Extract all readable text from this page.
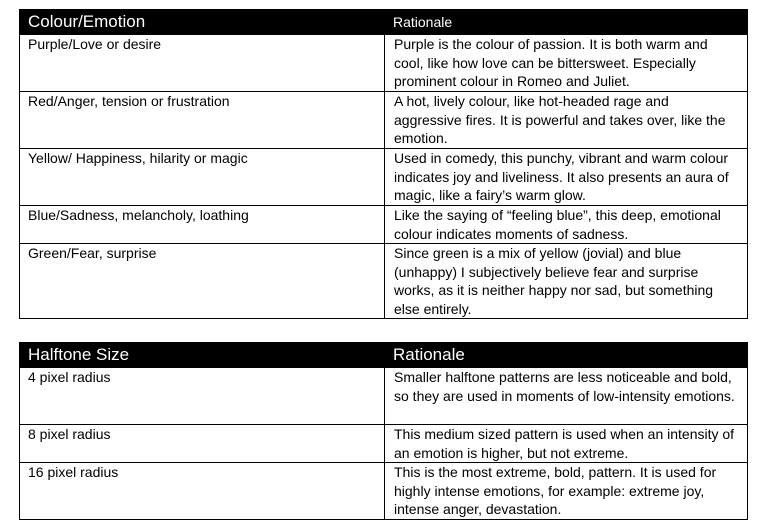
Colour/Emotion	Rationale
Purple/Love or desire	Purple is the colour of passion. It is both warm and cool, like how love can be bittersweet. Especially prominent colour in Romeo and Juliet.
Red/Anger, tension or frustration	A hot, lively colour, like hot-headed rage and aggressive fires. It is powerful and takes over, like the emotion.
Yellow/ Happiness, hilarity or magic	Used in comedy, this punchy, vibrant and warm colour indicates joy and liveliness. It also presents an aura of magic, like a fairy’s warm glow.
Blue/Sadness, melancholy, loathing	Like the saying of “feeling blue”, this deep, emotional colour indicates moments of sadness.
Green/Fear, surprise	Since green is a mix of yellow (jovial) and blue (unhappy) I subjectively believe fear and surprise works, as it is neither happy nor sad, but something else entirely.
Halftone Size	Rationale
4 pixel radius	Smaller halftone patterns are less noticeable and bold, so they are used in moments of low-intensity emotions.
8 pixel radius	This medium sized pattern is used when an intensity of an emotion is higher, but not extreme.
16 pixel radius	This is the most extreme, bold, pattern. It is used for highly intense emotions, for example: extreme joy, intense anger, devastation.
